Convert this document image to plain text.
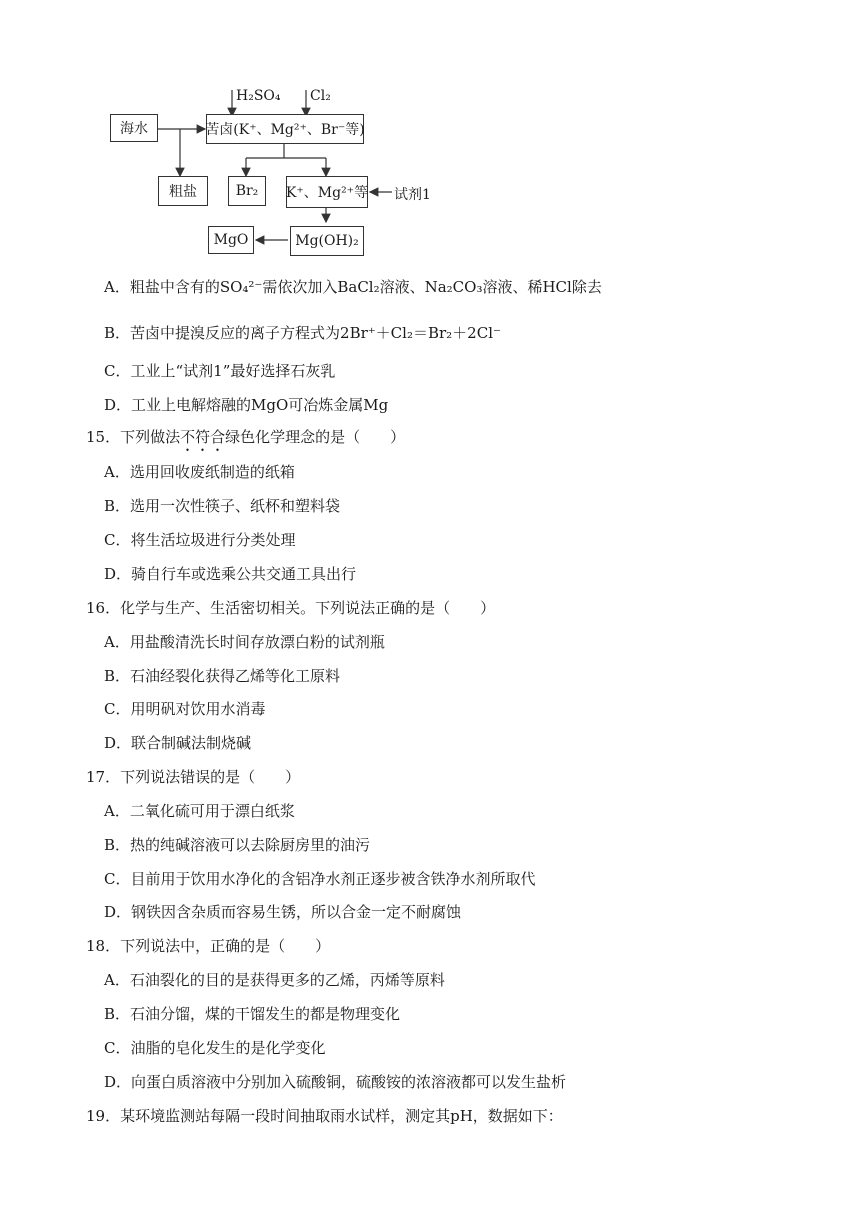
H₂SO₄ Cl₂
海水	苦卤(K⁺、Mg²⁺、Br⁻等)
粗盐	Br₂	K⁺、Mg²⁺等 试剂1
MgO	Mg(OH)₂
A．粗盐中含有的SO₄²⁻需依次加入BaCl₂溶液、Na₂CO₃溶液、稀HCl除去
B．苦卤中提溴反应的离子方程式为2Br⁺＋Cl₂＝Br₂＋2Cl⁻
C．工业上“试剂1”最好选择石灰乳
D．工业上电解熔融的MgO可冶炼金属Mg
15．下列做法不符合绿色化学理念的是（　　）
A．选用回收废纸制造的纸箱
B．选用一次性筷子、纸杯和塑料袋
C．将生活垃圾进行分类处理
D．骑自行车或选乘公共交通工具出行
16．化学与生产、生活密切相关。下列说法正确的是（　　）
A．用盐酸清洗长时间存放漂白粉的试剂瓶
B．石油经裂化获得乙烯等化工原料
C．用明矾对饮用水消毒
D．联合制碱法制烧碱
17．下列说法错误的是（　　）
A．二氧化硫可用于漂白纸浆
B．热的纯碱溶液可以去除厨房里的油污
C．目前用于饮用水净化的含铝净水剂正逐步被含铁净水剂所取代
D．钢铁因含杂质而容易生锈，所以合金一定不耐腐蚀
18．下列说法中，正确的是（　　）
A．石油裂化的目的是获得更多的乙烯，丙烯等原料
B．石油分馏，煤的干馏发生的都是物理变化
C．油脂的皂化发生的是化学变化
D．向蛋白质溶液中分别加入硫酸铜，硫酸铵的浓溶液都可以发生盐析
19．某环境监测站每隔一段时间抽取雨水试样，测定其pH，数据如下：
